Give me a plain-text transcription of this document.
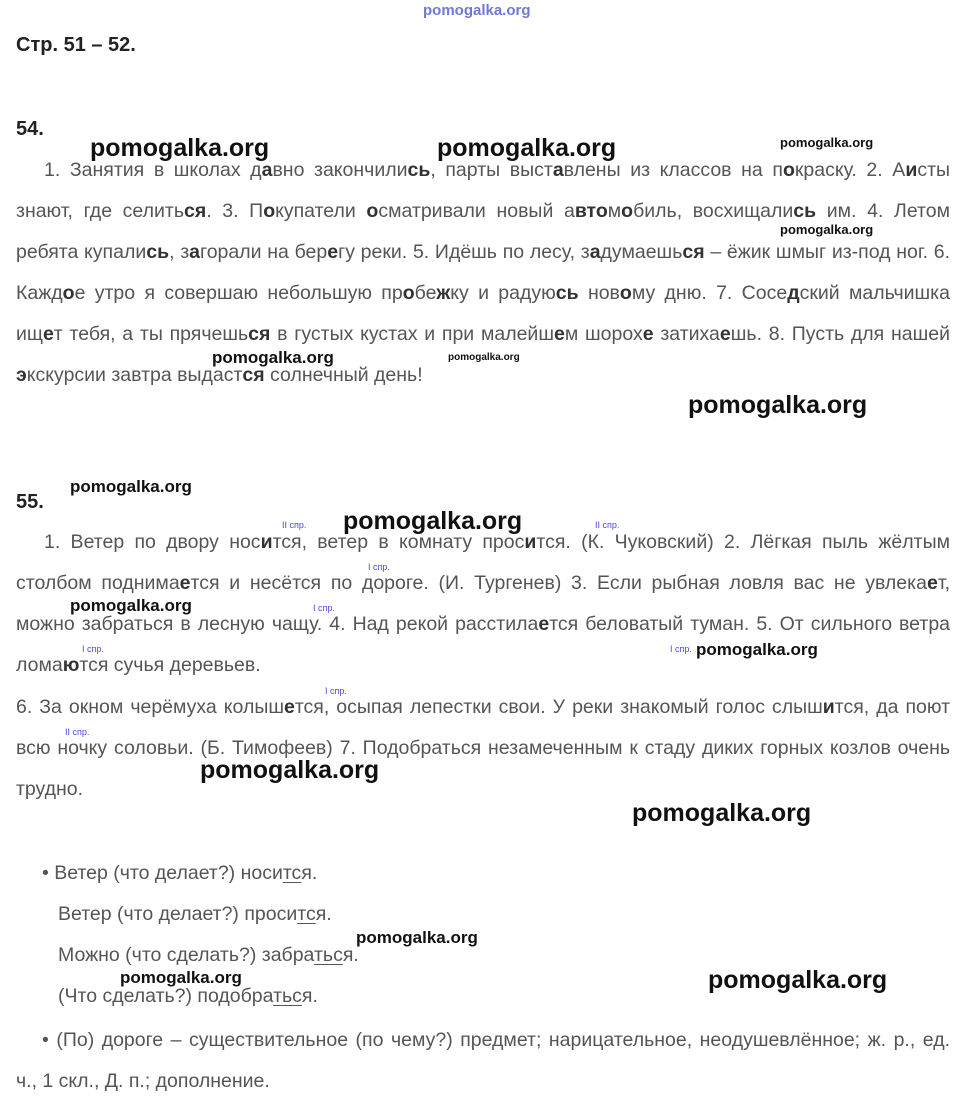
pomogalka.org
Стр. 51 – 52.
54.
pomogalka.org	pomogalka.org	pomogalka.org
1. Занятия в школах давно закончились, парты выставлены из классов на покраску. 2. Аисты знают, где селиться. 3. Покупатели осматривали новый автомобиль, восхищались им. 4. Летом ребята купались, загорали на берегу реки. 5. Идёшь по лесу, задумаешься – ёжик шмыг из-под ног. 6. Каждое утро я совершаю небольшую пробежку и радуюсь новому дню. 7. Соседский мальчишка ищет тебя, а ты прячешься в густых кустах и при малейшем шорохе затихаешь. 8. Пусть для нашей экскурсии завтра выдастся солнечный день!
pomogalka.org
pomogalka.org	pomogalka.org
pomogalka.org
55.
pomogalka.org
pomogalka.org
II спр.	II спр.
I спр.
I спр.
I спр.	I спр.
I спр.
II спр.
1. Ветер по двору носится, ветер в комнату просится. (К. Чуковский) 2. Лёгкая пыль жёлтым столбом поднимается и несётся по дороге. (И. Тургенев) 3. Если рыбная ловля вас не увлекает, можно забраться в лесную чащу. 4. Над рекой расстилается беловатый туман. 5. От сильного ветра ломаются сучья деревьев.
6. За окном черёмуха колышется, осыпая лепестки свои. У реки знакомый голос слышится, да поют всю ночку соловьи. (Б. Тимофеев) 7. Подобраться незамеченным к стаду диких горных козлов очень трудно.
pomogalka.org
pomogalka.org
pomogalka.org
pomogalka.org
• Ветер (что делает?) носится.
Ветер (что делает?) просится.
Можно (что сделать?) забраться.
(Что сделать?) подобраться.
• (По) дороге – существительное (по чему?) предмет; нарицательное, неодушевлённое; ж. р., ед. ч., 1 скл., Д. п.; дополнение.
pomogalka.org
pomogalka.org	pomogalka.org
